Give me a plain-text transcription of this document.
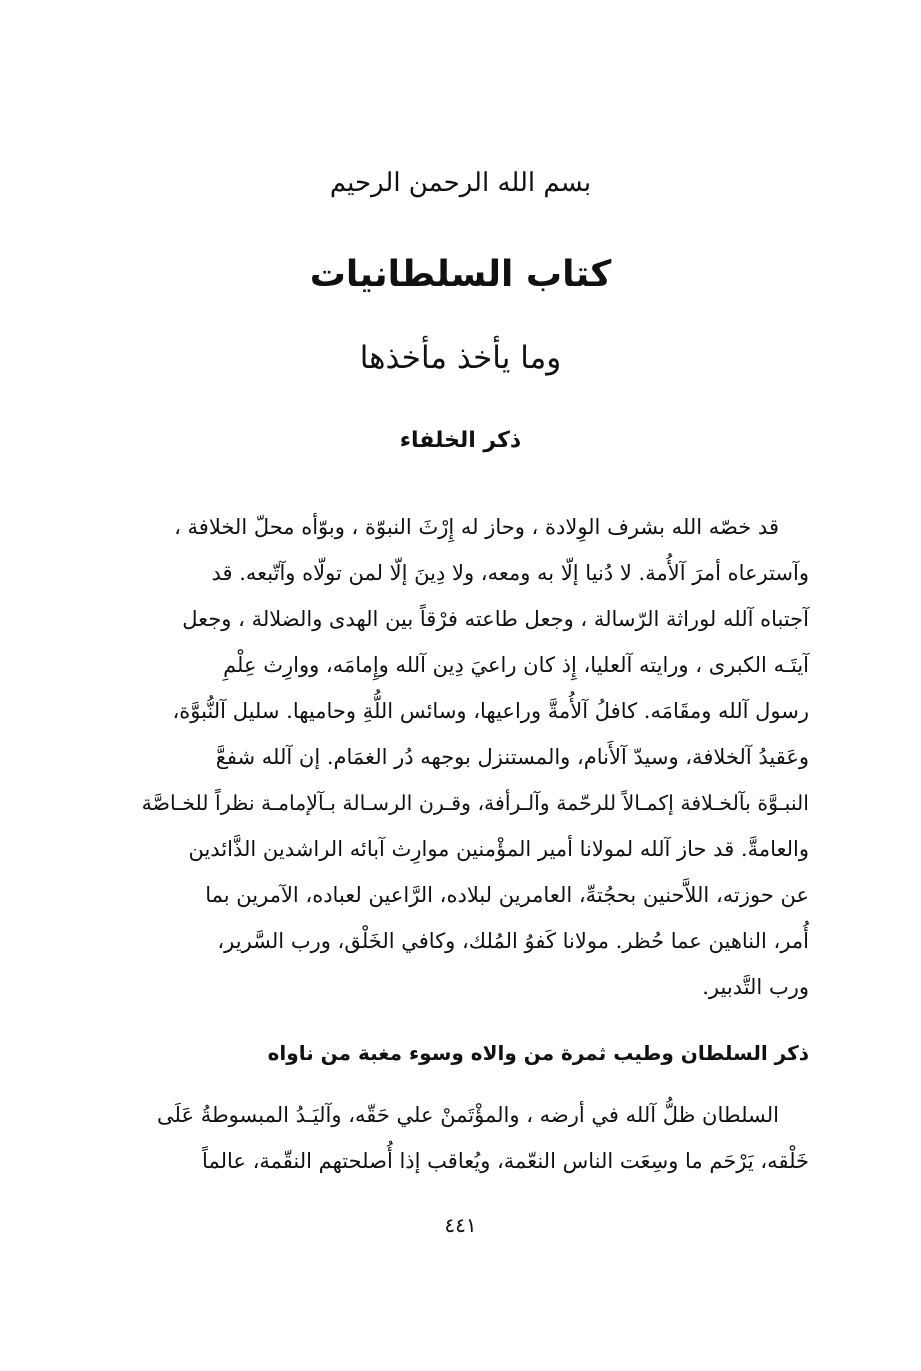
بسم الله الرحمن الرحيم
كتاب السلطانيات
وما يأخذ مأخذها
ذكر الخلفاء
قد خصّه الله بشرف الوِلادة ، وحاز له إِرْثَ النبوّة ، وبوّأه محلّ الخلافة ،
وآسترعاه أمرَ آلأُمة. لا دُنيا إلّا به ومعه، ولا دِينَ إلّا لمن تولّاه وآتّبعه. قد
آجتباه آلله لوراثة الرّسالة ، وجعل طاعته فرْقاً بين الهدى والضلالة ، وجعل
آيتَـه الكبرى ، ورايته آلعليا، إِذ كان راعيَ دِين آلله وإِمامَه، ووارِث عِلْمِ
رسول آلله ومقَامَه. كافلُ آلأُمةَّ وراعيها، وسائس اللُّةِ وحاميها. سليل آلنُّبوَّة،
وعَقيدُ آلخلافة، وسيدّ آلأَنام، والمستنزل بوجهه دُر الغمَام. إن آلله شفعَّ
النبـوَّة بآلخـلافة إكمـالاً للرحّمة وآلـرأفة، وقـرن الرسـالة بـآلإمامـة نظراً للخـاصَّة
والعامةَّ. قد حاز آلله لمولانا أمير المؤْمنين موارِث آبائه الراشدين الذَّائدين
عن حوزته، اللاَّحنين بحجُتهِّ، العامرين لبلاده، الرَّاعين لعباده، الآمرين بما
أُمر، الناهين عما حُظر. مولانا كَفوُ المُلك، وكافي الخَلْق، ورب السَّرير،
ورب التَّدبير.
ذكر السلطان وطيب ثمرة من والاه وسوء مغبة من ناواه
السلطان ظلُّ آلله في أرضه ، والمؤْتَمنْ علي حَقّه، وآليَـدُ المبسوطةُ عَلَى
خَلْقه، يَرْحَم ما وسِعَت الناس النعّمة، ويُعاقب إذا أُصلحتهم النقّمة، عالماً
٤٤١
